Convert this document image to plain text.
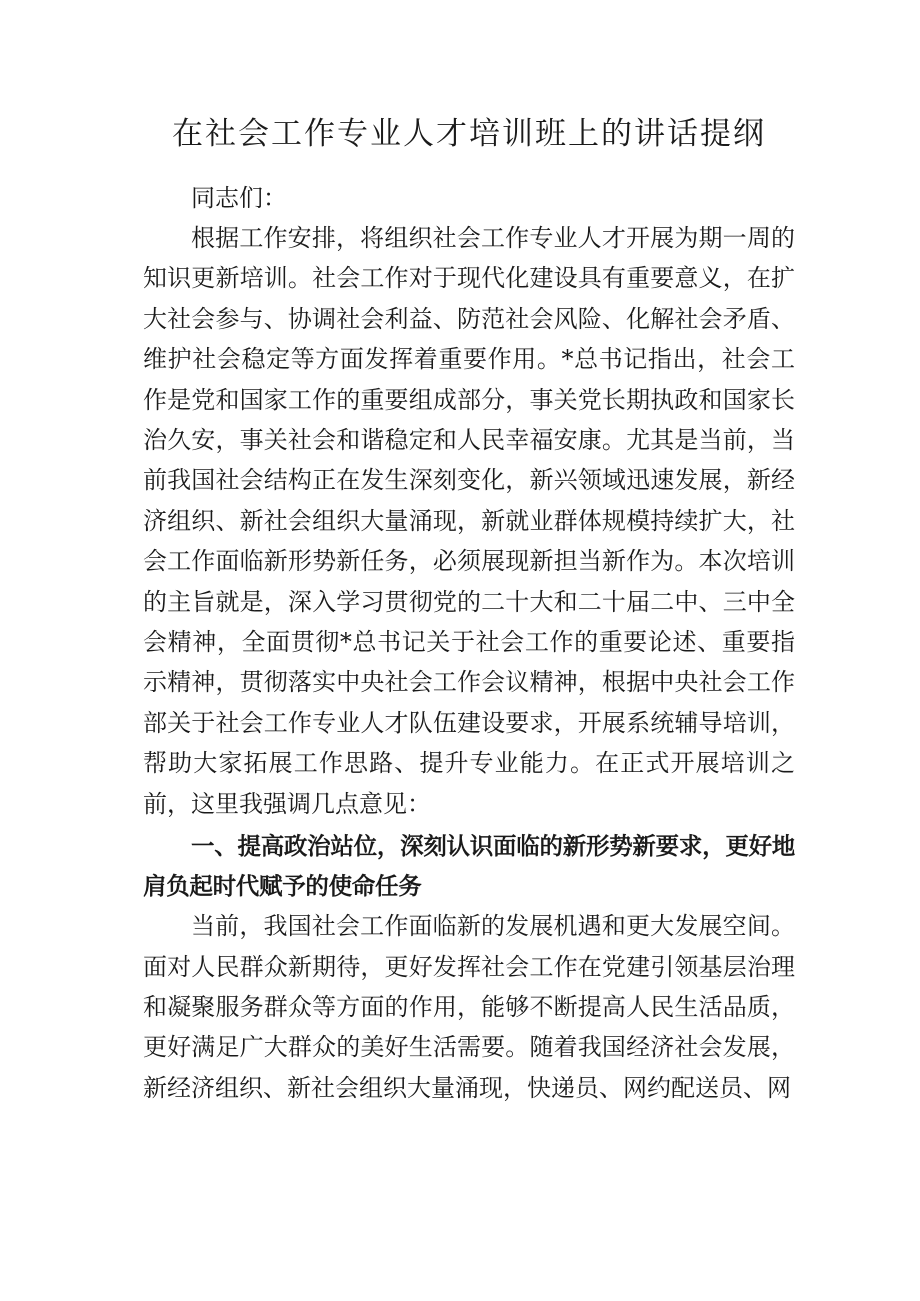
在社会工作专业人才培训班上的讲话提纲

同志们：

根据工作安排，将组织社会工作专业人才开展为期一周的知识更新培训。社会工作对于现代化建设具有重要意义，在扩大社会参与、协调社会利益、防范社会风险、化解社会矛盾、维护社会稳定等方面发挥着重要作用。*总书记指出，社会工作是党和国家工作的重要组成部分，事关党长期执政和国家长治久安，事关社会和谐稳定和人民幸福安康。尤其是当前，当前我国社会结构正在发生深刻变化，新兴领域迅速发展，新经济组织、新社会组织大量涌现，新就业群体规模持续扩大，社会工作面临新形势新任务，必须展现新担当新作为。本次培训的主旨就是，深入学习贯彻党的二十大和二十届二中、三中全会精神，全面贯彻*总书记关于社会工作的重要论述、重要指示精神，贯彻落实中央社会工作会议精神，根据中央社会工作部关于社会工作专业人才队伍建设要求，开展系统辅导培训，帮助大家拓展工作思路、提升专业能力。在正式开展培训之前，这里我强调几点意见：

一、提高政治站位，深刻认识面临的新形势新要求，更好地肩负起时代赋予的使命任务

当前，我国社会工作面临新的发展机遇和更大发展空间。面对人民群众新期待，更好发挥社会工作在党建引领基层治理和凝聚服务群众等方面的作用，能够不断提高人民生活品质，更好满足广大群众的美好生活需要。随着我国经济社会发展，新经济组织、新社会组织大量涌现，快递员、网约配送员、网
